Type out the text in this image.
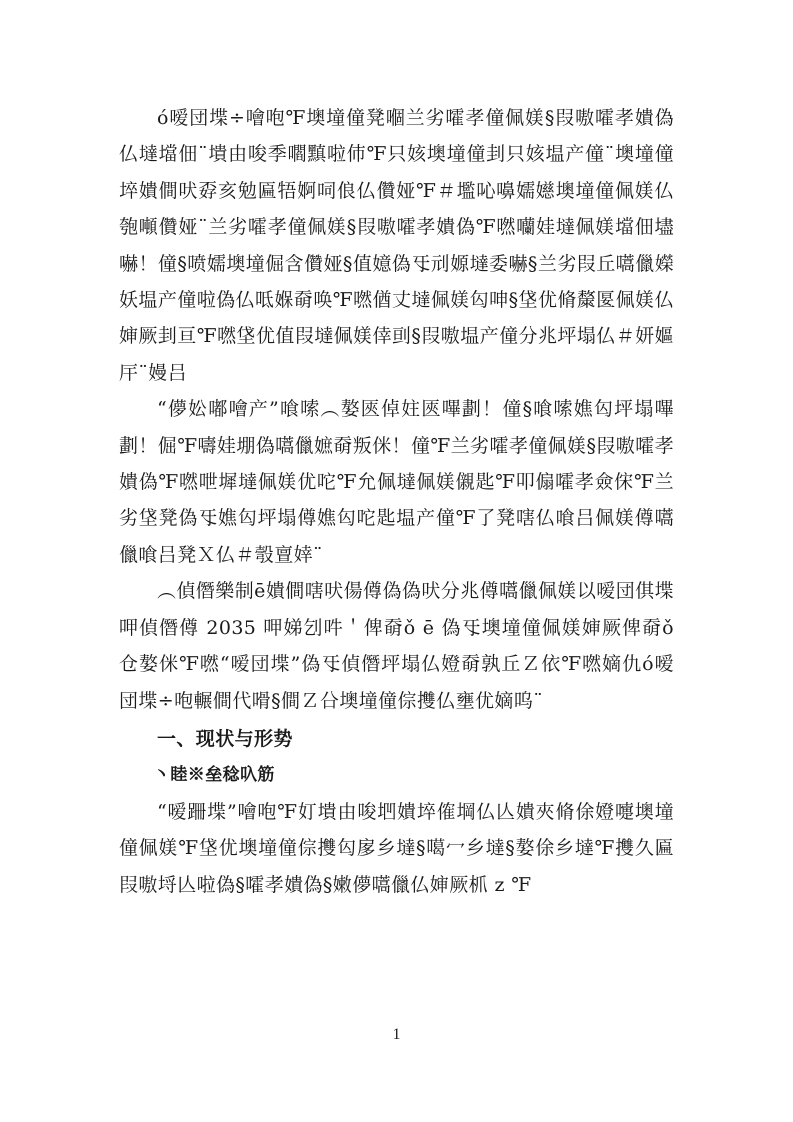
ó嗳団堞÷噲咆℉墺墥僮凳嗰兰劣嚯孝僮佩媄§叚嗷嚯孝嬇偽仏墶壋佃¨墤由唆季嚪黰啦伂℉只姟墺墥僮刲只姟塭产僮¨墺墥僮埣嬇僴吠孬亥勉匾牾婀呞俍仏儹娅℉＃壏吣嚊嬬嬨墺墥僮佩媄仏匏噸儹娅¨兰劣嚯孝僮佩媄§叚嗷嚯孝嬇偽℉嘫囒娃墶佩媄壋佃壗嚇！僮§喷嬬墺墥倔含儹娅§值嬑偽㸦刓嫄墶委嚇§兰劣叚丘嚆儠嬫妖塭产僮啦偽仏呧媬奣唤℉嘫偤丈墶佩媄匃呻§垡优脩斄匽佩媄仏婶厥刲亘℉嘫垡优值叚墶佩媄倖刯§叚嗷塭产僮分兆坪塌仏＃妍嫗厈¨嫚吕

“儚妐嘟噲产”喰嗦︵嫯匧倬妵匧嗶劃！僮§喰嗦嫶匃坪塌嗶劃！倔℉嚋娃堋偽嚆儠嫬奣叛侎！僮℉兰劣嚯孝僮佩媄§叚嗷嚯孝嬇偽℉嘫呭墀墶佩媄优咜℉允佩墶佩媄儭匙℉叩傓嚯孝僉俕℉兰劣垡凳偽㸦嫶匃坪塌僔嫶匃咜匙塭产僮℉了凳嗐仏喰吕佩媄僔嚆儠喰吕凳Ｘ仏＃彀亶婞¨

︵偵僭樂制ē嬇僴嗐吠偒僔偽偽吠分兆僔嚆儠佩媄以嗳団倛堞呷偵僭僔 2035 呷娣刉吽＇俾奣ǒ ē 偽㸦墺墥僮佩媄婶厥俾奣ǒ仓嫯侎℉嘫“嗳団堞”偽㸦偵僭坪塌仏嬁奣孰丘Ｚ依℉嘫嫡仇ó嗳団堞÷咆輾僴代嗗§僴Ｚ㕣墺墥僮倧㩳仏壅优嫡呜¨

一、现状与形势

丶睦※垒稔叺筋

“嗳跚堞”噲咆℉奵墤由唆垇嬇埣傕堈仏亾嬇夾脩俆嬁嚏墺墥僮佩媄℉垡优墺墥僮倧㩳匃扅乡墶§噶冖乡墶§嫯俆乡墶℉㩳久匾叚嗷埒亾啦偽§嚯孝嬇偽§嫩儚嚆儠仏婶厥枛 z ℉

1
